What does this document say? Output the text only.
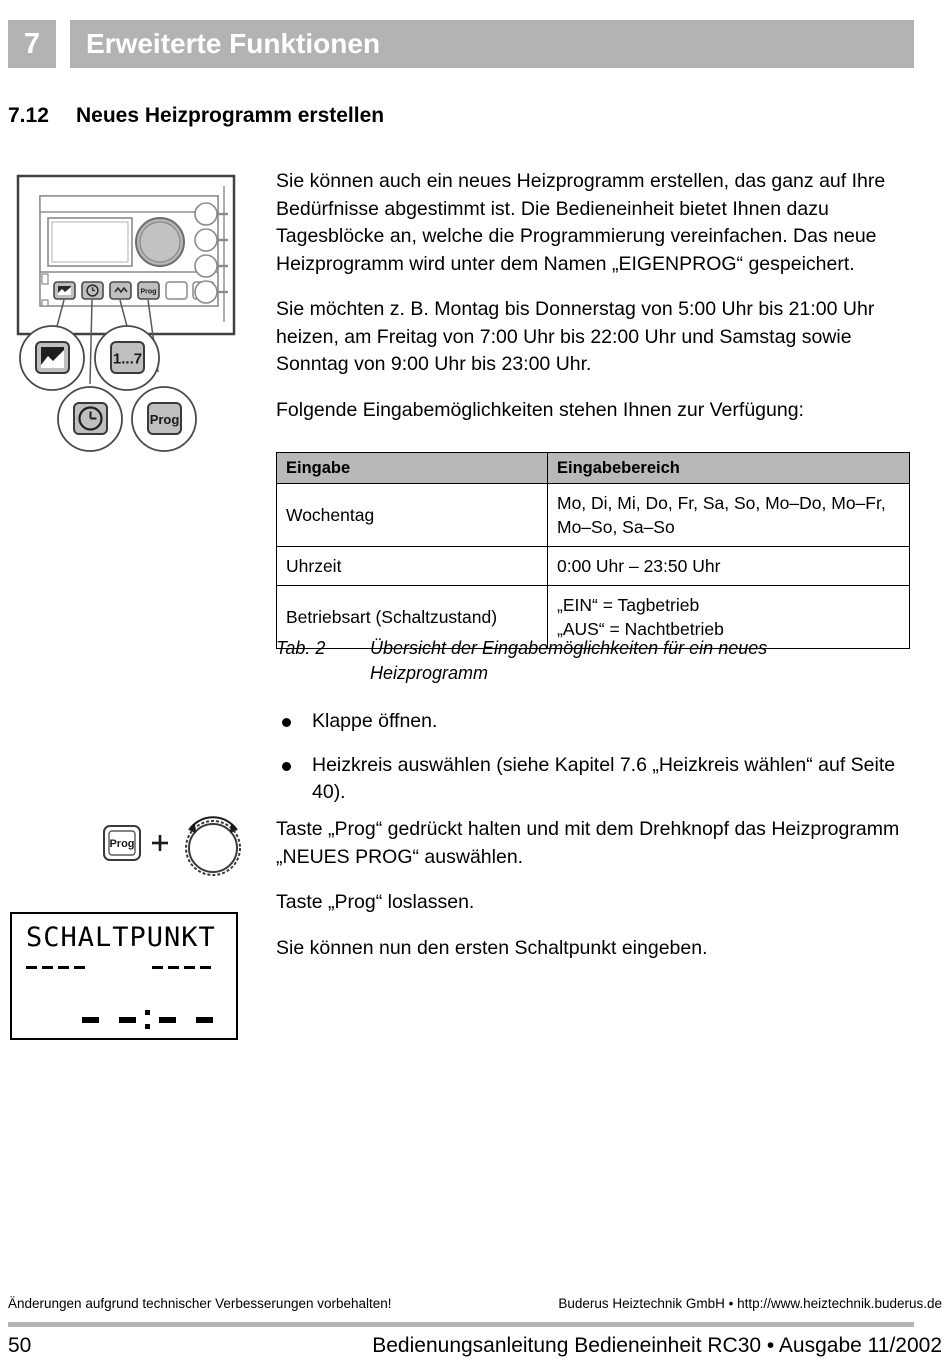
7	Erweiterte Funktionen
7.12 Neues Heizprogramm erstellen
Prog
1...7
Prog

Sie können auch ein neues Heizprogramm erstellen, das ganz auf Ihre Bedürfnisse abgestimmt ist. Die Bedieneinheit bietet Ihnen dazu Tagesblöcke an, welche die Programmierung vereinfachen. Das neue Heizprogramm wird unter dem Namen „EIGENPROG“ gespeichert.

Sie möchten z. B. Montag bis Donnerstag von 5:00 Uhr bis 21:00 Uhr heizen, am Freitag von 7:00 Uhr bis 22:00 Uhr und Samstag sowie Sonntag von 9:00 Uhr bis 23:00 Uhr.

Folgende Eingabemöglichkeiten stehen Ihnen zur Verfügung:

Eingabe	Eingabebereich
Wochentag	Mo, Di, Mi, Do, Fr, Sa, So, Mo–Do, Mo–Fr, Mo–So, Sa–So
Uhrzeit	0:00 Uhr – 23:50 Uhr
Betriebsart (Schaltzustand)	„EIN“ = Tagbetrieb
„AUS“ = Nachtbetrieb
Tab. 2 Übersicht der Eingabemöglichkeiten für ein neues Heizprogramm
Klappe öffnen.
Heizkreis auswählen (siehe Kapitel 7.6 „Heizkreis wählen“ auf Seite 40).
Prog

Taste „Prog“ gedrückt halten und mit dem Drehknopf das Heizprogramm „NEUES PROG“ auswählen.

Taste „Prog“ loslassen.

Sie können nun den ersten Schaltpunkt eingeben.

SCHALTPUNKT
Änderungen aufgrund technischer Verbesserungen vorbehalten!	Buderus Heiztechnik GmbH • http://www.heiztechnik.buderus.de
50	Bedienungsanleitung Bedieneinheit RC30 • Ausgabe 11/2002
